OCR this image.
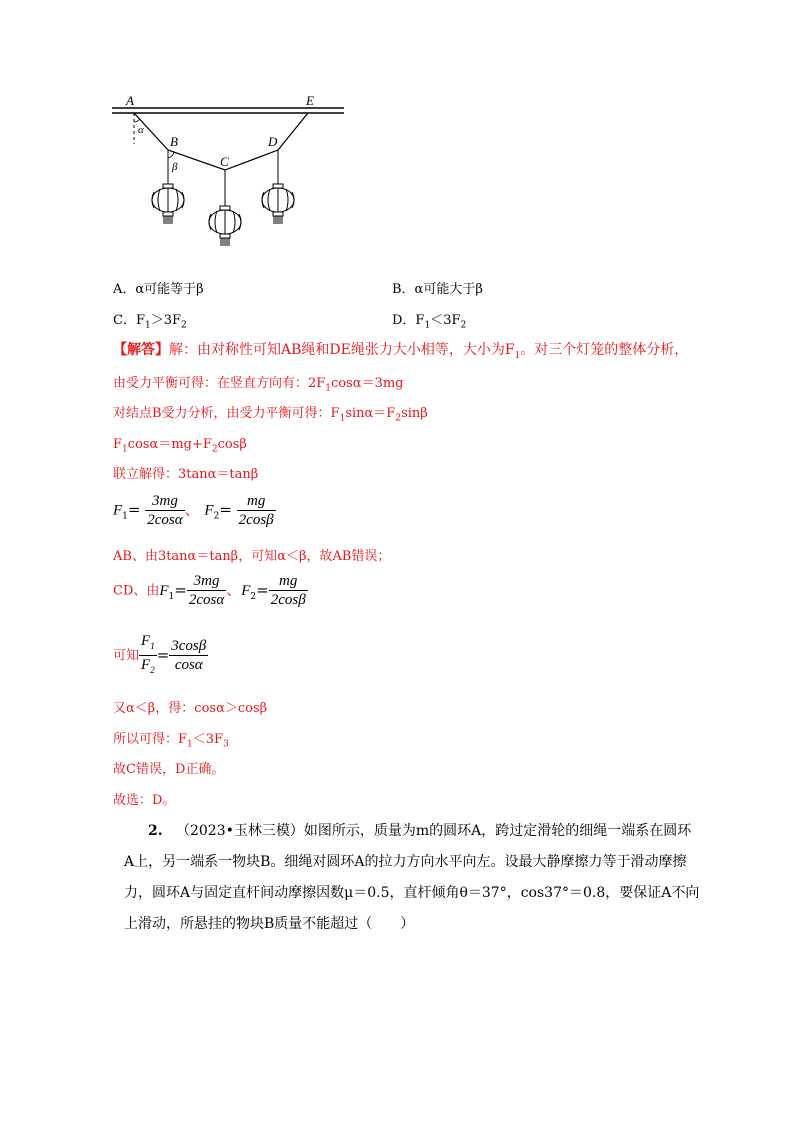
A	E
α
B
β	C
D
A．α可能等于β	B．α可能大于β
C．$F_1>3F_2$	D．$F_1<3F_2$
【解答】解：由对称性可知AB绳和DE绳张力大小相等，大小为$F_1$。对三个灯笼的整体分析，
由受力平衡可得：在竖直方向有：$2F_1\cos\alpha=3mg$
对结点B受力分析，由受力平衡可得：$F_1\sin\alpha=F_2\sin\beta$
$F_1\cos\alpha=mg+F_2\cos\beta$
联立解得：3tanα＝tanβ
$F_1= \frac{3mg}{2\cos\alpha}$ 、 $F_2= \frac{mg}{2\cos\beta}$
AB、由3tanα＝tanβ，可知α＜β，故AB错误；
CD、由$F_1= \frac{3mg}{2\cos\alpha}$ 、$F_2= \frac{mg}{2\cos\beta}$
可知 $\frac{F_1}{F_2} = \frac{3\cos\beta}{\cos\alpha}$
又α＜β，得：cosα＞cosβ
所以可得：$F_1<3F_3$
故C错误，D正确。
故选：D。
2. （2023•玉林三模）如图所示，质量为m的圆环A，跨过定滑轮的细绳一端系在圆环
A上，另一端系一物块B。细绳对圆环A的拉力方向水平向左。设最大静摩擦力等于滑动摩擦
力，圆环A与固定直杆间动摩擦因数μ＝0.5，直杆倾角θ＝37°，cos37°＝0.8，要保证A不向
上滑动，所悬挂的物块B质量不能超过（　　）
